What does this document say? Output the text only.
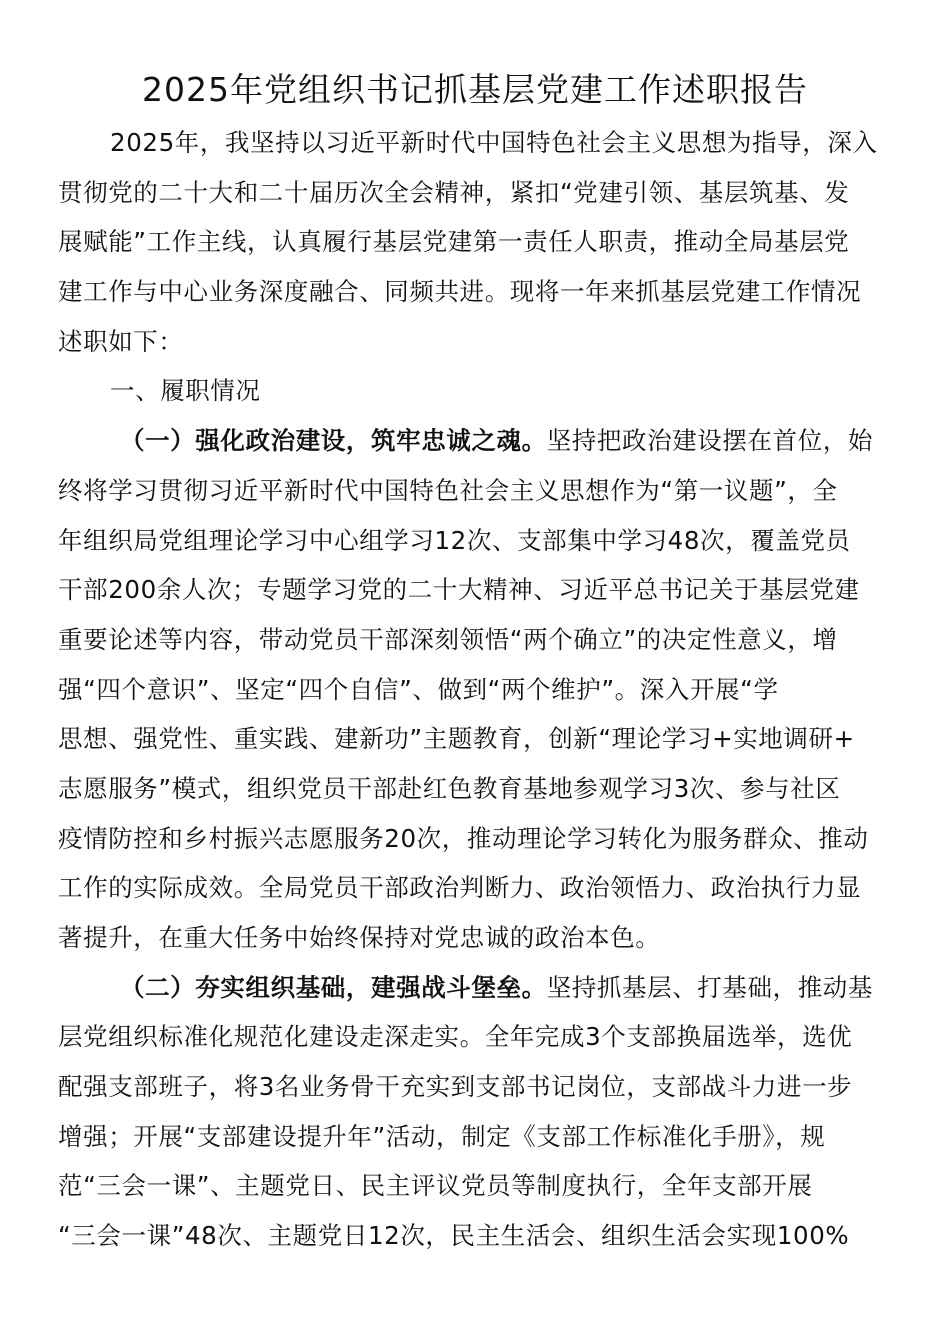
2025年党组织书记抓基层党建工作述职报告
2025年，我坚持以习近平新时代中国特色社会主义思想为指导，深入
贯彻党的二十大和二十届历次全会精神，紧扣“党建引领、基层筑基、发
展赋能”工作主线，认真履行基层党建第一责任人职责，推动全局基层党
建工作与中心业务深度融合、同频共进。现将一年来抓基层党建工作情况
述职如下：
一、履职情况
（一）强化政治建设，筑牢忠诚之魂。坚持把政治建设摆在首位，始
终将学习贯彻习近平新时代中国特色社会主义思想作为“第一议题”，全
年组织局党组理论学习中心组学习12次、支部集中学习48次，覆盖党员
干部200余人次；专题学习党的二十大精神、习近平总书记关于基层党建
重要论述等内容，带动党员干部深刻领悟“两个确立”的决定性意义，增
强“四个意识”、坚定“四个自信”、做到“两个维护”。深入开展“学
思想、强党性、重实践、建新功”主题教育，创新“理论学习+实地调研+
志愿服务”模式，组织党员干部赴红色教育基地参观学习3次、参与社区
疫情防控和乡村振兴志愿服务20次，推动理论学习转化为服务群众、推动
工作的实际成效。全局党员干部政治判断力、政治领悟力、政治执行力显
著提升，在重大任务中始终保持对党忠诚的政治本色。
（二）夯实组织基础，建强战斗堡垒。坚持抓基层、打基础，推动基
层党组织标准化规范化建设走深走实。全年完成3个支部换届选举，选优
配强支部班子，将3名业务骨干充实到支部书记岗位，支部战斗力进一步
增强；开展“支部建设提升年”活动，制定《支部工作标准化手册》，规
范“三会一课”、主题党日、民主评议党员等制度执行，全年支部开展
“三会一课”48次、主题党日12次，民主生活会、组织生活会实现100%
